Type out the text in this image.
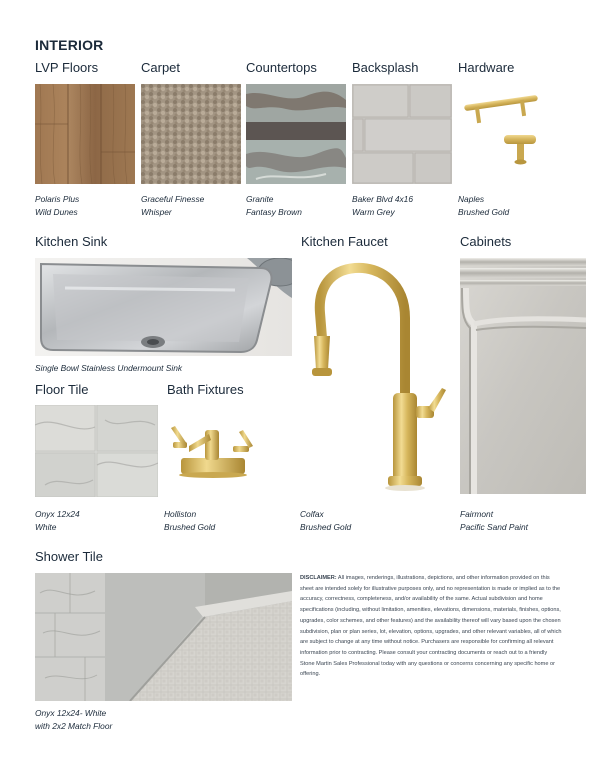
INTERIOR
LVP Floors	Carpet	Countertops	Backsplash	Hardware
Polaris Plus
Wild Dunes
Graceful Finesse
Whisper
Granite
Fantasy Brown
Baker Blvd 4x16
Warm Grey
Naples
Brushed Gold
Kitchen Sink	Kitchen Faucet	Cabinets
Single Bowl Stainless Undermount Sink
Floor Tile	Bath Fixtures
Onyx 12x24
White
Holliston
Brushed Gold
Colfax
Brushed Gold
Fairmont
Pacific Sand Paint
Shower Tile
Onyx 12x24- White
with 2x2 Match Floor
DISCLAIMER: All images, renderings, illustrations, depictions, and other information provided on this sheet are intended solely for illustrative purposes only, and no representation is made or implied as to the accuracy, correctness, completeness, and/or availability of the same. Actual subdivision and home specifications (including, without limitation, amenities, elevations, dimensions, materials, finishes, options, upgrades, color schemes, and other features) and the availability thereof will vary based upon the chosen subdivision, plan or plan series, lot, elevation, options, upgrades, and other relevant variables, all of which are subject to change at any time without notice. Purchasers are responsible for confirming all relevant information prior to contracting. Please consult your contracting documents or reach out to a friendly Stone Martin Sales Professional today with any questions or concerns concerning any specific home or offering.
